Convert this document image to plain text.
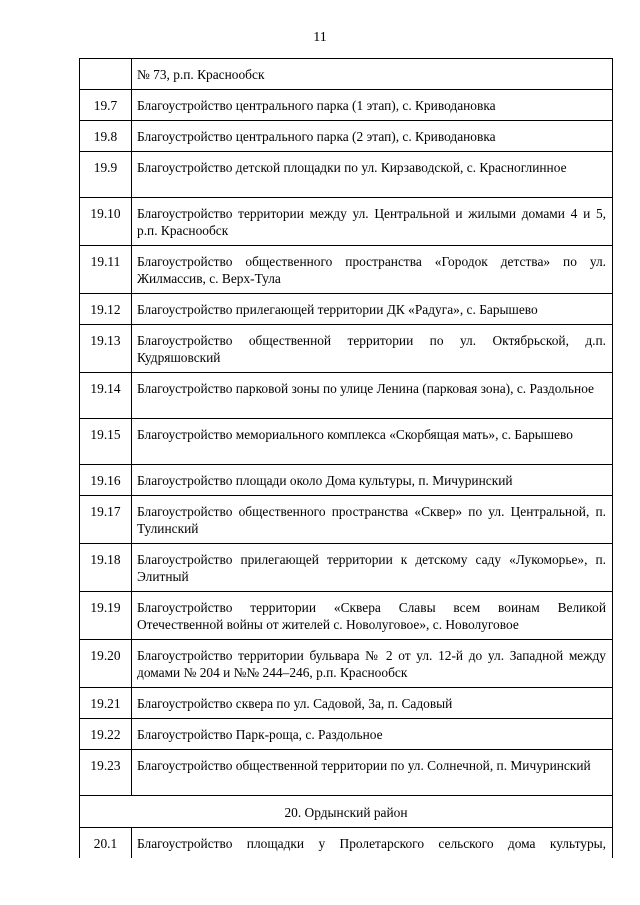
11
	№ 73, р.п. Краснообск
19.7	Благоустройство центрального парка (1 этап), с. Криводановка
19.8	Благоустройство центрального парка (2 этап), с. Криводановка
19.9	Благоустройство детской площадки по ул. Кирзаводской, с. Красноглинное
19.10	Благоустройство территории между ул. Центральной и жилыми домами 4 и 5, р.п. Краснообск
19.11	Благоустройство общественного пространства «Городок детства» по ул. Жилмассив, с. Верх-Тула
19.12	Благоустройство прилегающей территории ДК «Радуга», с. Барышево
19.13	Благоустройство общественной территории по ул. Октябрьской, д.п. Кудряшовский
19.14	Благоустройство парковой зоны по улице Ленина (парковая зона), с. Раздольное
19.15	Благоустройство мемориального комплекса «Скорбящая мать», с. Барышево
19.16	Благоустройство площади около Дома культуры, п. Мичуринский
19.17	Благоустройство общественного пространства «Сквер» по ул. Центральной, п. Тулинский
19.18	Благоустройство прилегающей территории к детскому саду «Лукоморье», п. Элитный
19.19	Благоустройство территории «Сквера Славы всем воинам Великой Отечественной войны от жителей с. Новолуговое», с. Новолуговое
19.20	Благоустройство территории бульвара № 2 от ул. 12-й до ул. Западной между домами № 204 и №№ 244–246, р.п. Краснообск
19.21	Благоустройство сквера по ул. Садовой, 3а, п. Садовый
19.22	Благоустройство Парк-роща, с. Раздольное
19.23	Благоустройство общественной территории по ул. Солнечной, п. Мичуринский
20. Ордынский район	
20.1	Благоустройство площадки у Пролетарского сельского дома культуры,
